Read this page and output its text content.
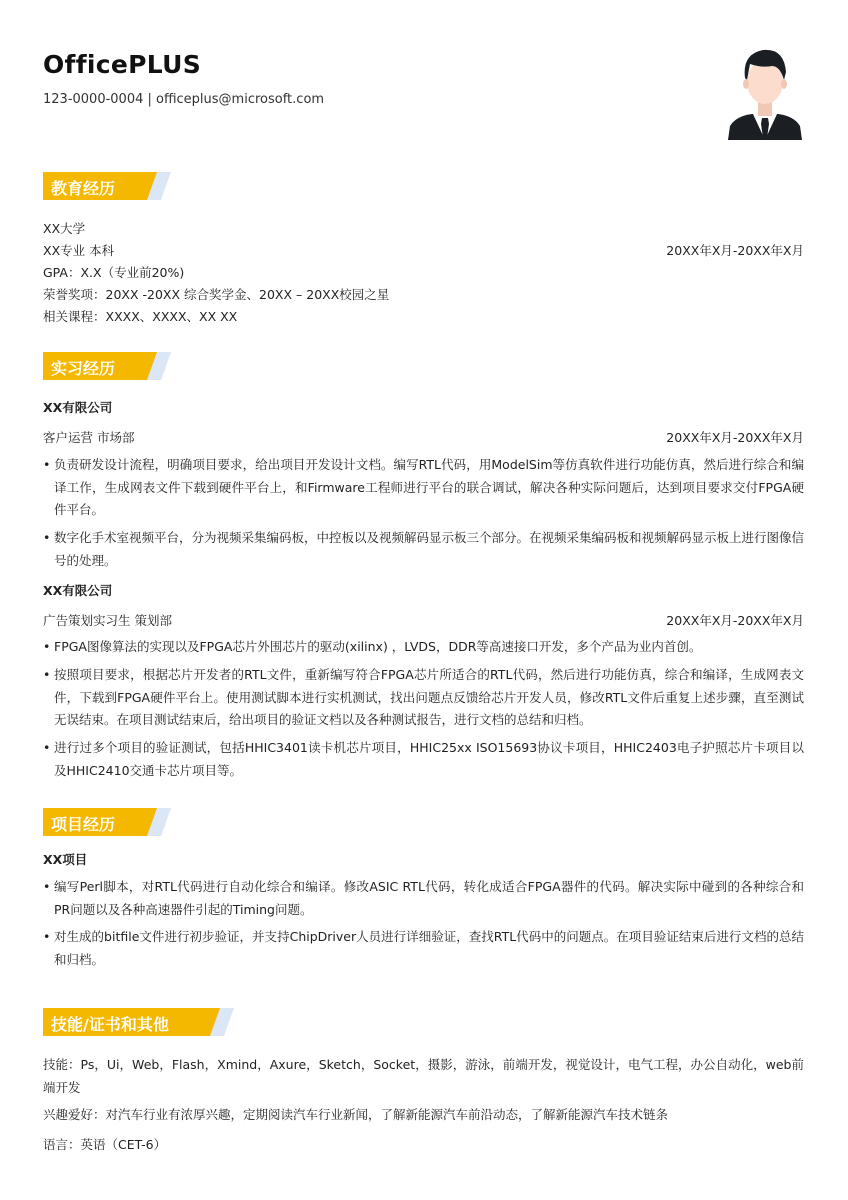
OfficePLUS
123-0000-0004 | officeplus@microsoft.com
教育经历
XX大学
XX专业 本科	20XX年X月-20XX年X月
GPA：X.X（专业前20%)
荣誉奖项：20XX -20XX 综合奖学金、20XX – 20XX校园之星
相关课程：XXXX、XXXX、XX XX
实习经历
XX有限公司
客户运营 市场部	20XX年X月-20XX年X月
• 负责研发设计流程，明确项目要求，给出项目开发设计文档。编写RTL代码，用ModelSim等仿真软件进行功能仿真，然后进行综合和编译工作，生成网表文件下载到硬件平台上，和Firmware工程师进行平台的联合调试，解决各种实际问题后，达到项目要求交付FPGA硬件平台。
• 数字化手术室视频平台，分为视频采集编码板，中控板以及视频解码显示板三个部分。在视频采集编码板和视频解码显示板上进行图像信号的处理。
XX有限公司
广告策划实习生 策划部	20XX年X月-20XX年X月
• FPGA图像算法的实现以及FPGA芯片外围芯片的驱动(xilinx) ，LVDS，DDR等高速接口开发，多个产品为业内首创。
• 按照项目要求，根据芯片开发者的RTL文件，重新编写符合FPGA芯片所适合的RTL代码，然后进行功能仿真，综合和编译，生成网表文件，下载到FPGA硬件平台上。使用测试脚本进行实机测试，找出问题点反馈给芯片开发人员，修改RTL文件后重复上述步骤，直至测试无误结束。在项目测试结束后，给出项目的验证文档以及各种测试报告，进行文档的总结和归档。
• 进行过多个项目的验证测试，包括HHIC3401读卡机芯片项目，HHIC25xx ISO15693协议卡项目，HHIC2403电子护照芯片卡项目以及HHIC2410交通卡芯片项目等。
项目经历
XX项目
• 编写Perl脚本，对RTL代码进行自动化综合和编译。修改ASIC RTL代码，转化成适合FPGA器件的代码。解决实际中碰到的各种综合和PR问题以及各种高速器件引起的Timing问题。
• 对生成的bitfile文件进行初步验证，并支持ChipDriver人员进行详细验证，查找RTL代码中的问题点。在项目验证结束后进行文档的总结和归档。
技能/证书和其他
技能：Ps，Ui，Web，Flash，Xmind，Axure，Sketch，Socket，摄影，游泳，前端开发，视觉设计，电气工程，办公自动化，web前端开发
兴趣爱好：对汽车行业有浓厚兴趣，定期阅读汽车行业新闻，了解新能源汽车前沿动态，了解新能源汽车技术链条
语言：英语（CET-6）
